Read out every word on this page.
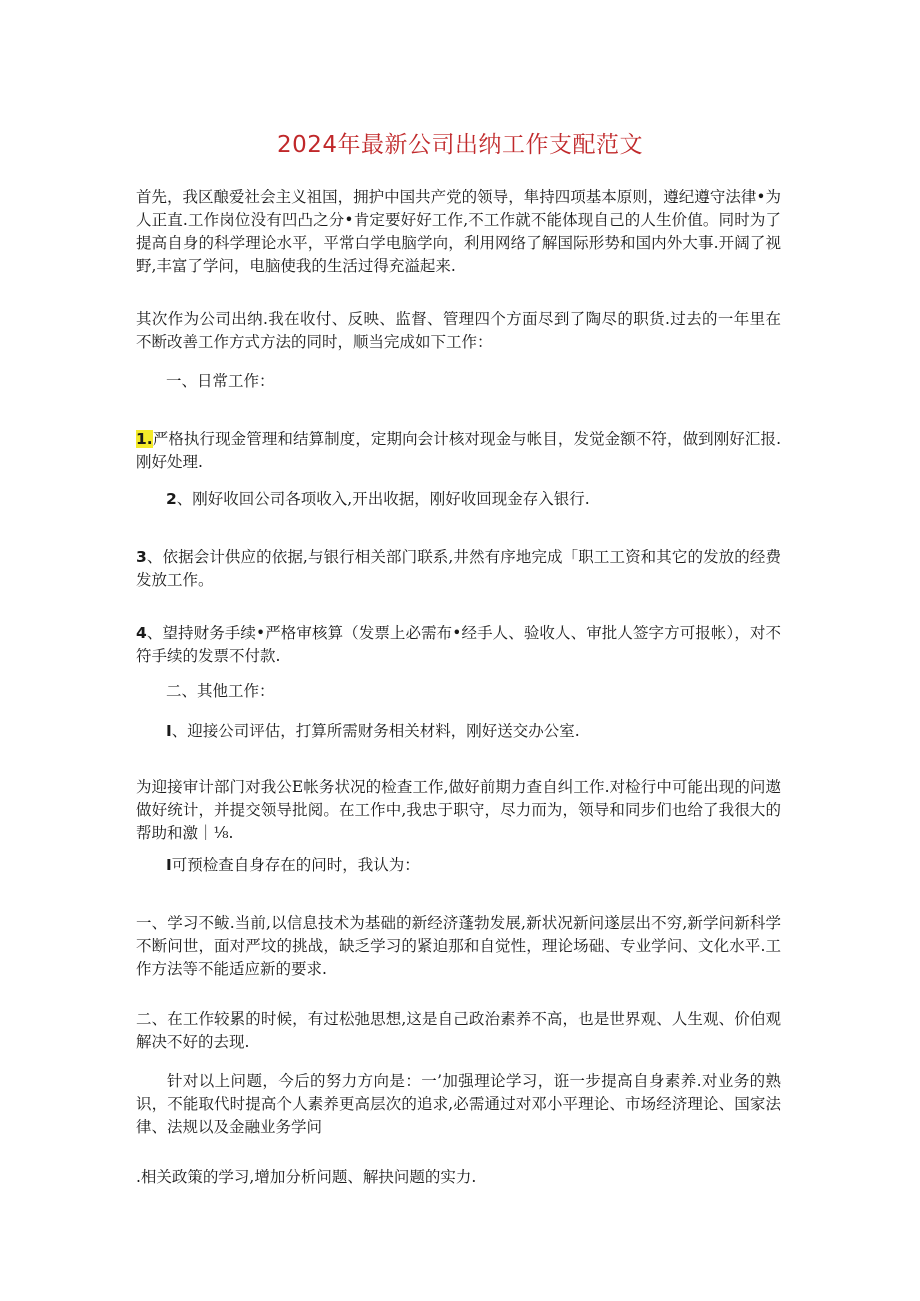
2024年最新公司出纳工作支配范文
首先，我区酿爱社会主义祖国，拥护中国共产党的领导，隼持四项基本原则，遵纪遵守法律•为人正直.工作岗位没有凹凸之分•肯定要好好工作,不工作就不能体现自己的人生价值。同时为了提高自身的科学理论水平，平常白学电脑学向，利用网络了解国际形势和国内外大事.开阔了视野,丰富了学问，电脑使我的生活过得充溢起来.
其次作为公司出纳.我在收付、反映、监督、管理四个方面尽到了陶尽的职货.过去的一年里在不断改善工作方式方法的同时，顺当完成如下工作：
一、日常工作：
1.严格执行现金管理和结算制度，定期向会计核对现金与帐目，发觉金额不符，做到刚好汇报.刚好处理.
2、刚好收回公司各项收入,开出收据，刚好收回现金存入银行.
3、依据会计供应的依据,与银行相关部门联系,井然有序地完成「职工工资和其它的发放的经费发放工作。
4、望持财务手续•严格审核算（发票上必需布•经手人、验收人、审批人签字方可报帐），对不符手续的发票不付款.
二、其他工作：
I、迎接公司评估，打算所需财务相关材料，刚好送交办公室.
为迎接审计部门对我公E帐务状况的检查工作,做好前期力查自纠工作.对检行中可能出现的问遨做好统计，并提交领导批阅。在工作中,我忠于职守，尽力而为，领导和同步们也给了我很大的帮助和激｜⅛.
I可预检查自身存在的问时，我认为：
一、学习不鲅.当前,以信息技术为基础的新经济蓬勃发展,新状况新问遂层出不穷,新学问新科学不断问世，面对严坟的挑战，缺乏学习的紧迫那和自觉性，理论场础、专业学问、文化水平.工作方法等不能适应新的要求.
二、在工作较累的时候，有过松弛思想,这是自己政治素养不高，也是世界观、人生观、价伯观解决不好的去现.
针对以上问题，今后的努力方向是：一’加强理论学习，诳一步提高自身素养.对业务的熟识，不能取代时提高个人素养更高层次的追求,必需通过对邓小平理论、市场经济理论、国家法律、法规以及金融业务学问
.相关政策的学习,增加分析问题、解抉问题的实力.
